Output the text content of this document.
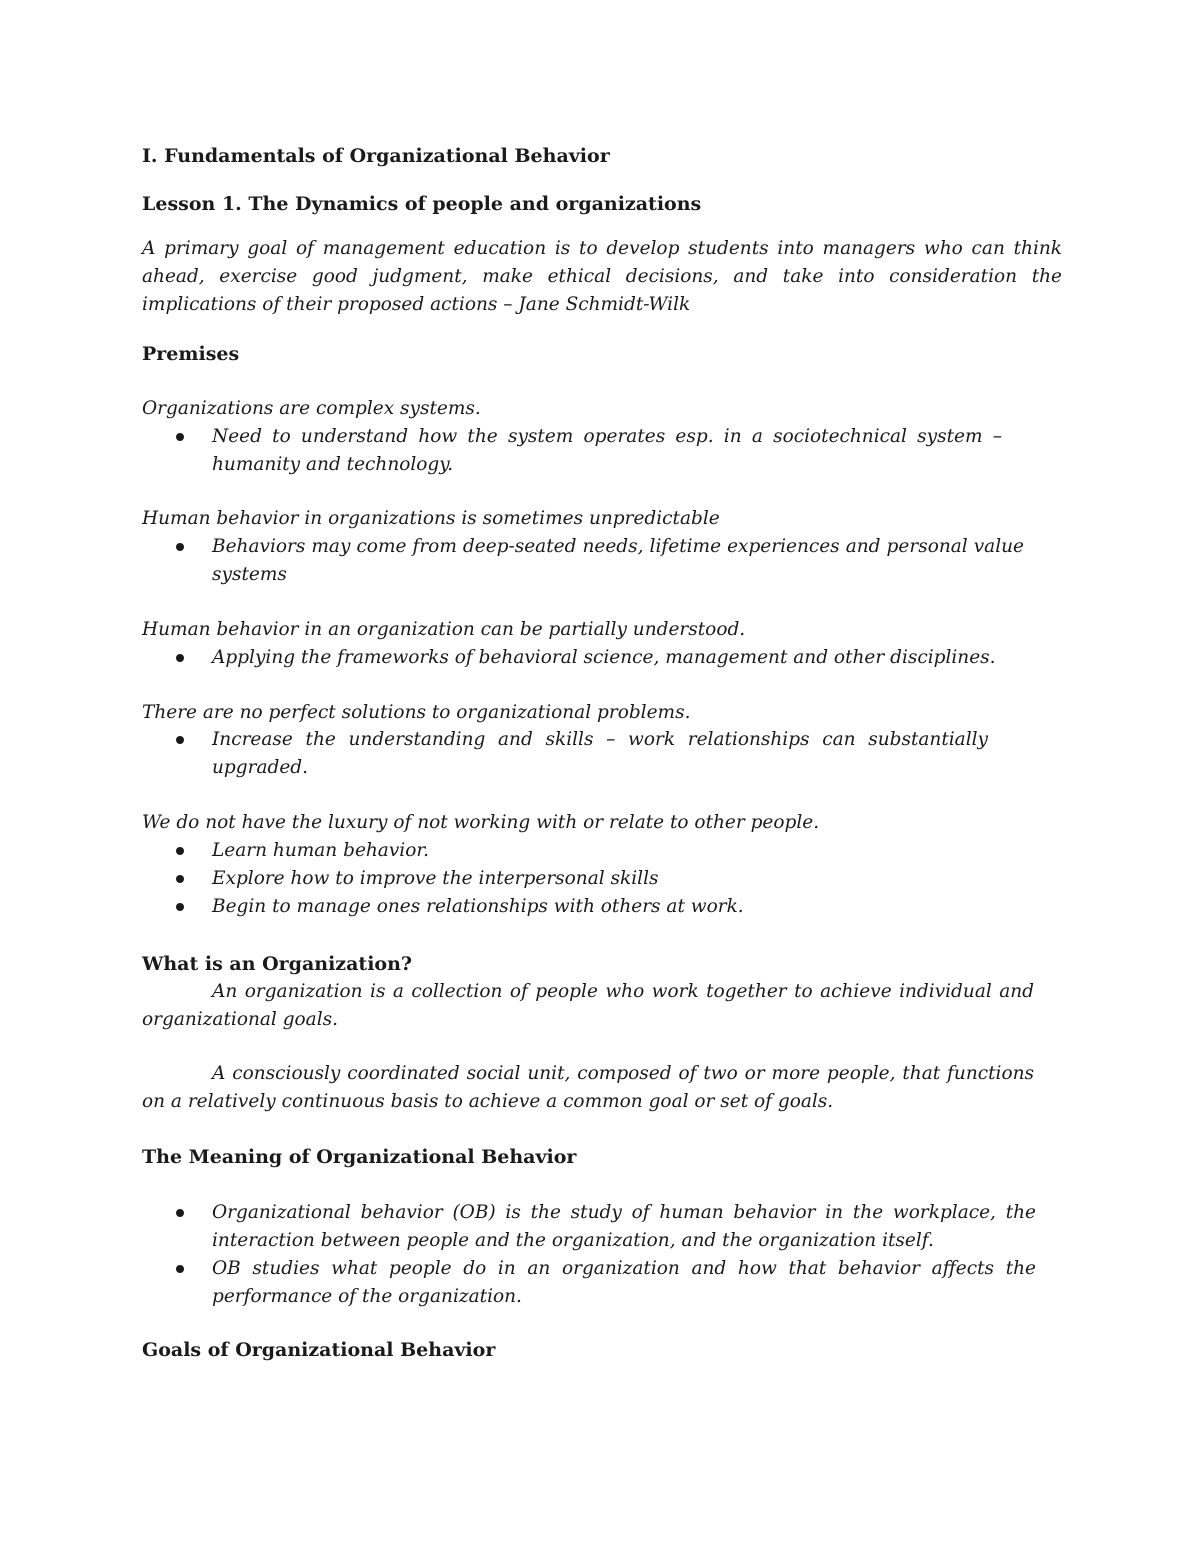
I. Fundamentals of Organizational Behavior
Lesson 1. The Dynamics of people and organizations
A primary goal of management education is to develop students into managers who can think ahead, exercise good judgment, make ethical decisions, and take into consideration the implications of their proposed actions – Jane Schmidt-Wilk
Premises
Organizations are complex systems.
Need to understand how the system operates esp. in a sociotechnical system – humanity and technology.
Human behavior in organizations is sometimes unpredictable
Behaviors may come from deep-seated needs, lifetime experiences and personal value systems
Human behavior in an organization can be partially understood.
Applying the frameworks of behavioral science, management and other disciplines.
There are no perfect solutions to organizational problems.
Increase the understanding and skills – work relationships can substantially upgraded.
We do not have the luxury of not working with or relate to other people.
Learn human behavior.
Explore how to improve the interpersonal skills
Begin to manage ones relationships with others at work.
What is an Organization?
An organization is a collection of people who work together to achieve individual and organizational goals.
A consciously coordinated social unit, composed of two or more people, that functions on a relatively continuous basis to achieve a common goal or set of goals.
The Meaning of Organizational Behavior
Organizational behavior (OB) is the study of human behavior in the workplace, the interaction between people and the organization, and the organization itself.
OB studies what people do in an organization and how that behavior affects the performance of the organization.
Goals of Organizational Behavior
